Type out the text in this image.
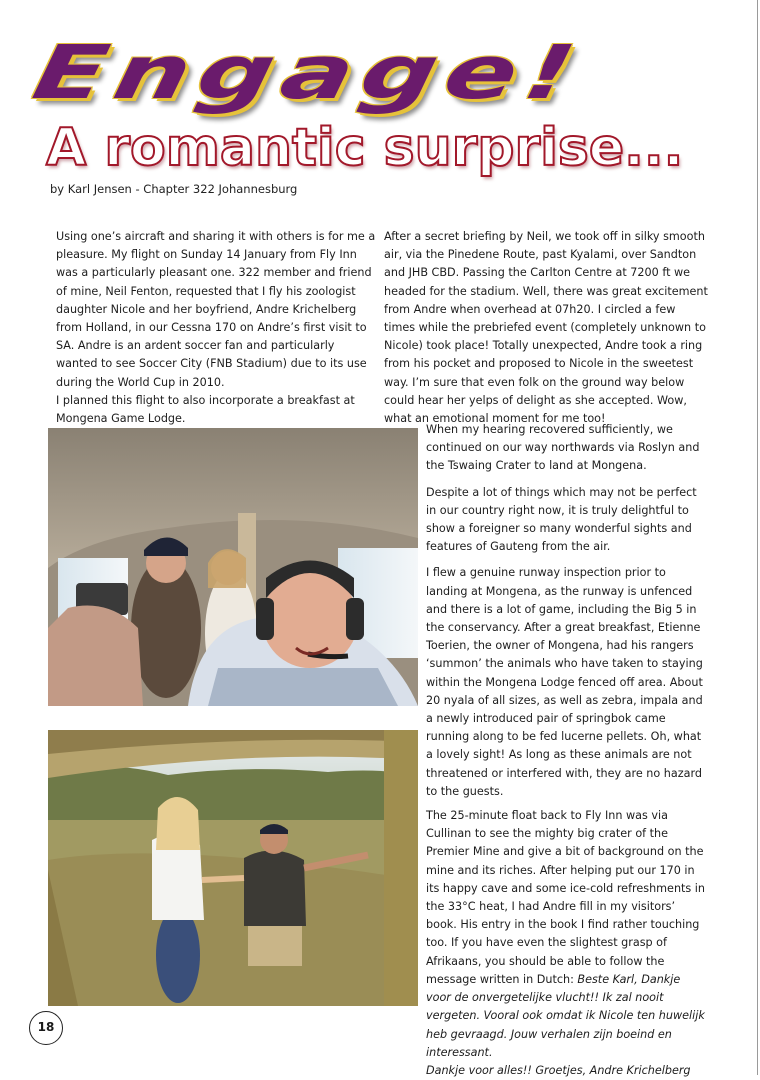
Engage!
A romantic surprise...
by Karl Jensen - Chapter 322 Johannesburg

Using one’s aircraft and sharing it with others is for me a pleasure. My flight on Sunday 14 January from Fly Inn was a particularly pleasant one. 322 member and friend of mine, Neil Fenton, requested that I fly his zoologist daughter Nicole and her boyfriend, Andre Krichelberg from Holland, in our Cessna 170 on Andre’s first visit to SA. Andre is an ardent soccer fan and particularly wanted to see Soccer City (FNB Stadium) due to its use during the World Cup in 2010.

I planned this flight to also incorporate a breakfast at Mongena Game Lodge.

After a secret briefing by Neil, we took off in silky smooth air, via the Pinedene Route, past Kyalami, over Sandton and JHB CBD. Passing the Carlton Centre at 7200 ft we headed for the stadium. Well, there was great excitement from Andre when overhead at 07h20. I circled a few times while the prebriefed event (completely unknown to Nicole) took place! Totally unexpected, Andre took a ring from his pocket and proposed to Nicole in the sweetest way. I’m sure that even folk on the ground way below could hear her yelps of delight as she accepted. Wow, what an emotional moment for me too!

When my hearing recovered sufficiently, we continued on our way northwards via Roslyn and the Tswaing Crater to land at Mongena.

Despite a lot of things which may not be perfect in our country right now, it is truly delightful to show a foreigner so many wonderful sights and features of Gauteng from the air.

I flew a genuine runway inspection prior to landing at Mongena, as the runway is unfenced and there is a lot of game, including the Big 5 in the conservancy. After a great breakfast, Etienne Toerien, the owner of Mongena, had his rangers ‘summon’ the animals who have taken to staying within the Mongena Lodge fenced off area. About 20 nyala of all sizes, as well as zebra, impala and a newly introduced pair of springbok came running along to be fed lucerne pellets. Oh, what a lovely sight! As long as these animals are not threatened or interfered with, they are no hazard to the guests.

The 25-minute float back to Fly Inn was via Cullinan to see the mighty big crater of the Premier Mine and give a bit of background on the mine and its riches. After helping put our 170 in its happy cave and some ice-cold refreshments in the 33°C heat, I had Andre fill in my visitors’ book. His entry in the book I find rather touching too. If you have even the slightest grasp of Afrikaans, you should be able to follow the message written in Dutch: Beste Karl, Dankje voor de onvergetelijke vlucht!! Ik zal nooit vergeten. Vooral ook omdat ik Nicole ten huwelijk heb gevraagd. Jouw verhalen zijn boeind en interessant.

Dankje voor alles!! Groetjes, Andre Krichelberg

18
